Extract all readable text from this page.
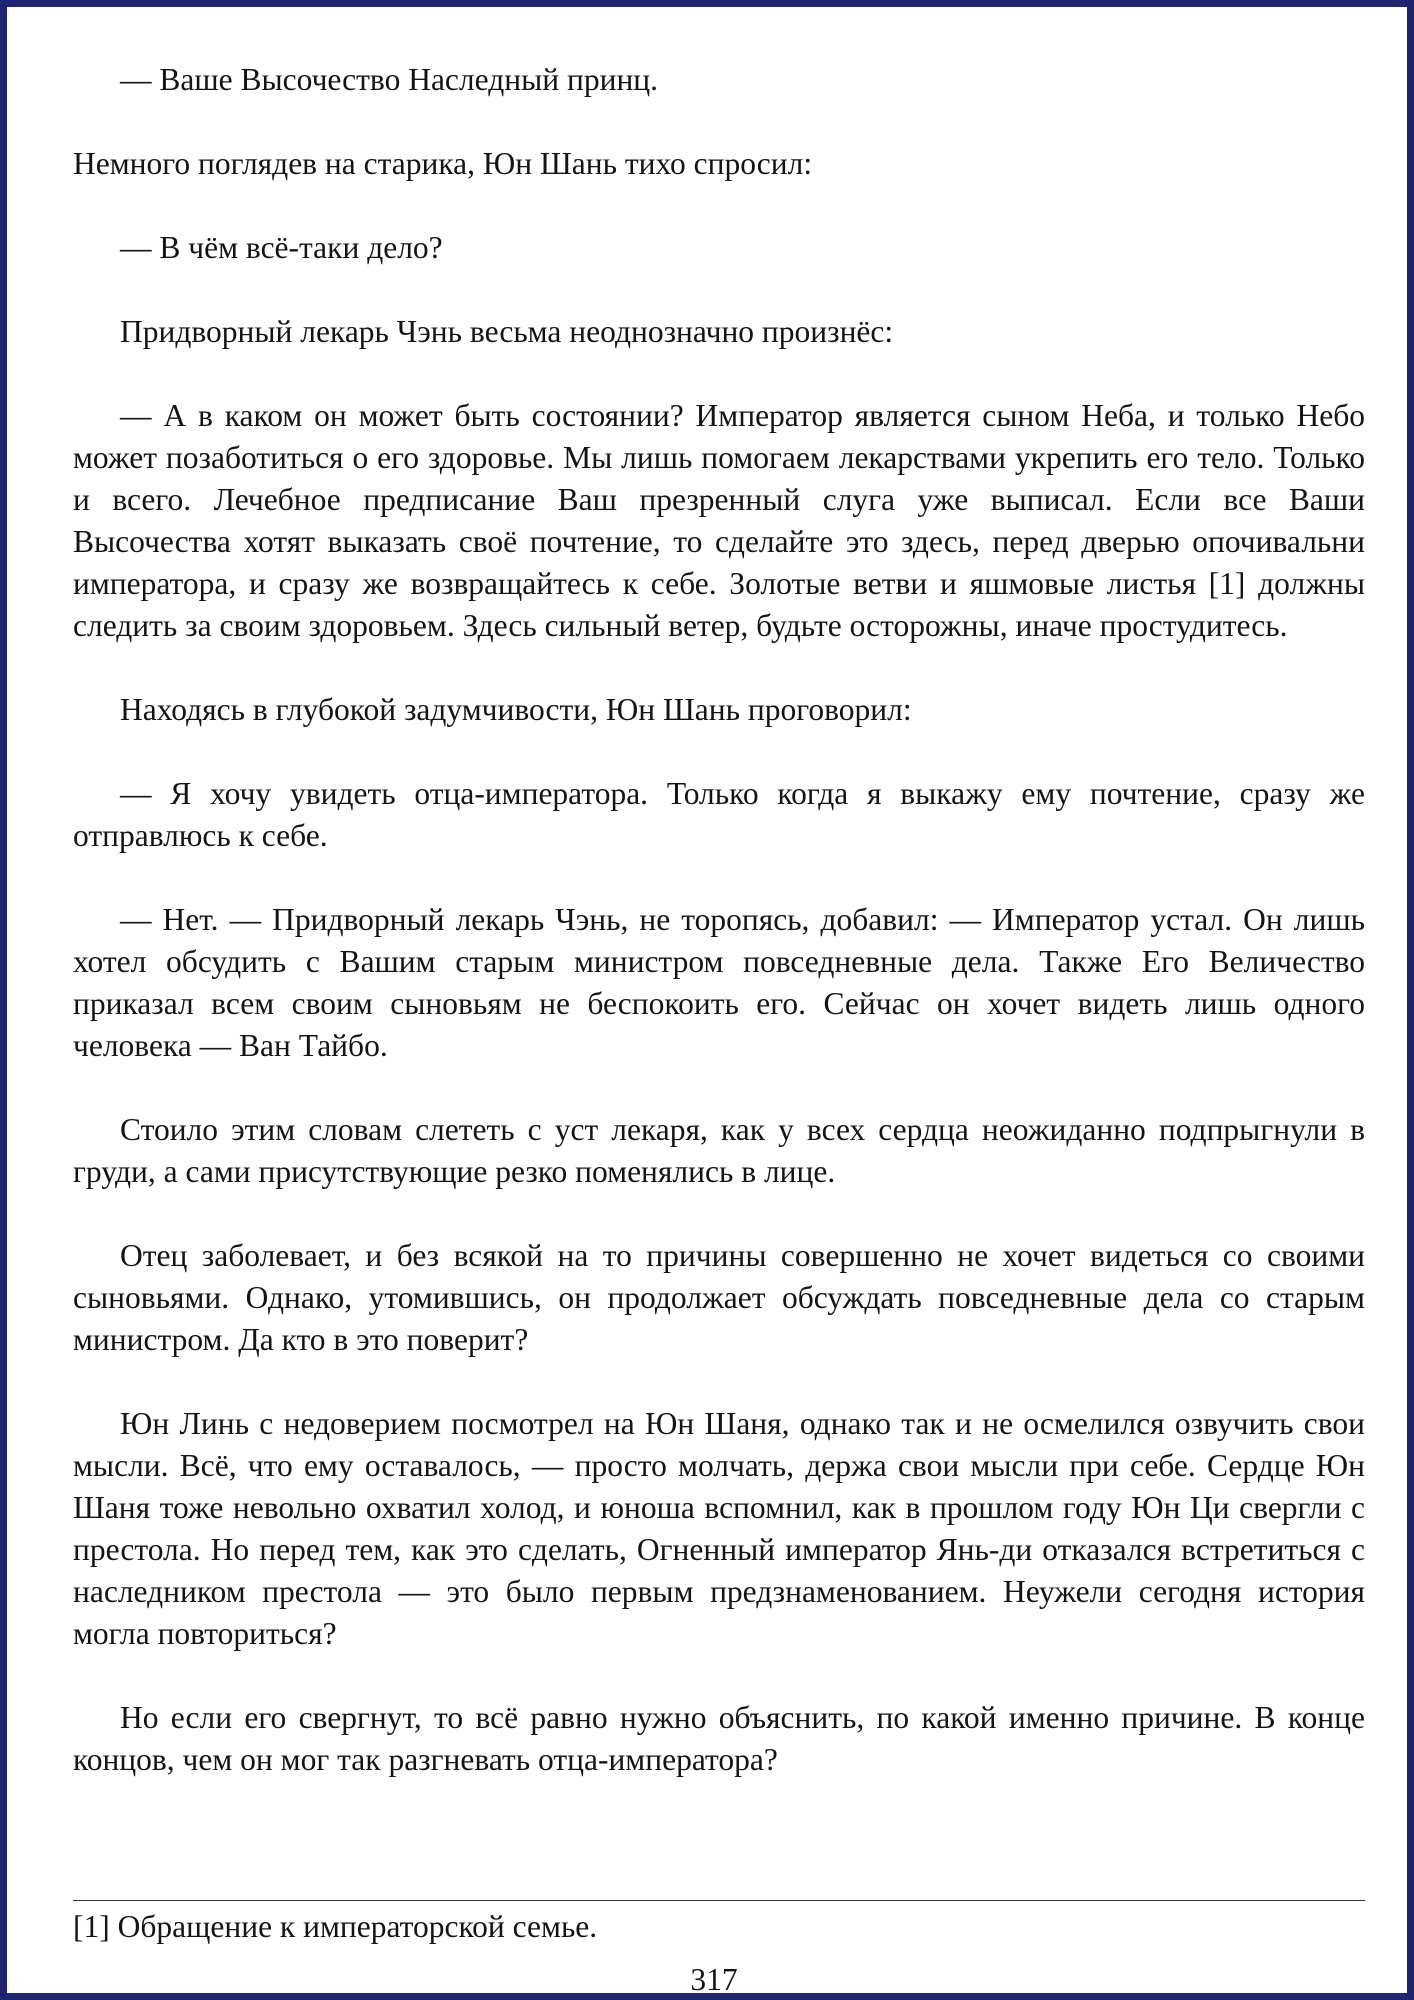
— Ваше Высочество Наследный принц.

Немного поглядев на старика, Юн Шань тихо спросил:

— В чём всё-таки дело?

Придворный лекарь Чэнь весьма неоднозначно произнёс:

— А в каком он может быть состоянии? Император является сыном Неба, и только Небо может позаботиться о его здоровье. Мы лишь помогаем лекарствами укрепить его тело. Только и всего. Лечебное предписание Ваш презренный слуга уже выписал. Если все Ваши Высочества хотят выказать своё почтение, то сделайте это здесь, перед дверью опочивальни императора, и сразу же возвращайтесь к себе. Золотые ветви и яшмовые листья [1] должны следить за своим здоровьем. Здесь сильный ветер, будьте осторожны, иначе простудитесь.

Находясь в глубокой задумчивости, Юн Шань проговорил:

— Я хочу увидеть отца-императора. Только когда я выкажу ему почтение, сразу же отправлюсь к себе.

— Нет. — Придворный лекарь Чэнь, не торопясь, добавил: — Император устал. Он лишь хотел обсудить с Вашим старым министром повседневные дела. Также Его Величество приказал всем своим сыновьям не беспокоить его. Сейчас он хочет видеть лишь одного человека — Ван Тайбо.

Стоило этим словам слететь с уст лекаря, как у всех сердца неожиданно подпрыгнули в груди, а сами присутствующие резко поменялись в лице.

Отец заболевает, и без всякой на то причины совершенно не хочет видеться со своими сыновьями. Однако, утомившись, он продолжает обсуждать повседневные дела со старым министром. Да кто в это поверит?

Юн Линь с недоверием посмотрел на Юн Шаня, однако так и не осмелился озвучить свои мысли. Всё, что ему оставалось, — просто молчать, держа свои мысли при себе. Сердце Юн Шаня тоже невольно охватил холод, и юноша вспомнил, как в прошлом году Юн Ци свергли с престола. Но перед тем, как это сделать, Огненный император Янь-ди отказался встретиться с наследником престола — это было первым предзнаменованием. Неужели сегодня история могла повториться?

Но если его свергнут, то всё равно нужно объяснить, по какой именно причине. В конце концов, чем он мог так разгневать отца-императора?

[1] Обращение к императорской семье.
317
